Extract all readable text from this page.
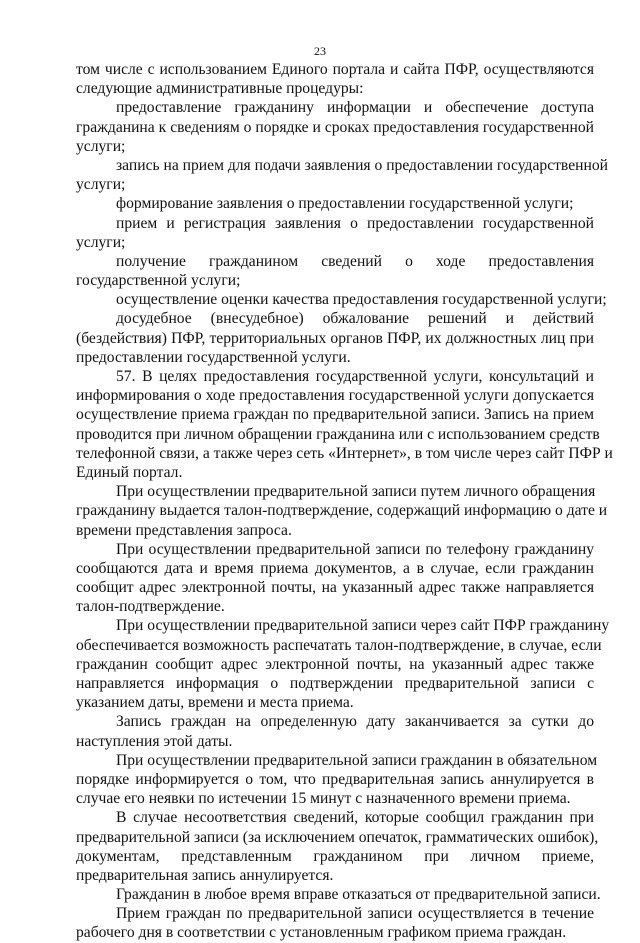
23
том числе с использованием Единого портала и сайта ПФР, осуществляются
следующие административные процедуры:
предоставление гражданину информации и обеспечение доступа
гражданина к сведениям о порядке и сроках предоставления государственной
услуги;
запись на прием для подачи заявления о предоставлении государственной
услуги;
формирование заявления о предоставлении государственной услуги;
прием и регистрация заявления о предоставлении государственной
услуги;
получение гражданином сведений о ходе предоставления
государственной услуги;
осуществление оценки качества предоставления государственной услуги;
досудебное (внесудебное) обжалование решений и действий
(бездействия) ПФР, территориальных органов ПФР, их должностных лиц при
предоставлении государственной услуги.
57. В целях предоставления государственной услуги, консультаций и
информирования о ходе предоставления государственной услуги допускается
осуществление приема граждан по предварительной записи. Запись на прием
проводится при личном обращении гражданина или с использованием средств
телефонной связи, а также через сеть «Интернет», в том числе через сайт ПФР и
Единый портал.
При осуществлении предварительной записи путем личного обращения
гражданину выдается талон-подтверждение, содержащий информацию о дате и
времени представления запроса.
При осуществлении предварительной записи по телефону гражданину
сообщаются дата и время приема документов, а в случае, если гражданин
сообщит адрес электронной почты, на указанный адрес также направляется
талон-подтверждение.
При осуществлении предварительной записи через сайт ПФР гражданину
обеспечивается возможность распечатать талон-подтверждение, в случае, если
гражданин сообщит адрес электронной почты, на указанный адрес также
направляется информация о подтверждении предварительной записи с
указанием даты, времени и места приема.
Запись граждан на определенную дату заканчивается за сутки до
наступления этой даты.
При осуществлении предварительной записи гражданин в обязательном
порядке информируется о том, что предварительная запись аннулируется в
случае его неявки по истечении 15 минут с назначенного времени приема.
В случае несоответствия сведений, которые сообщил гражданин при
предварительной записи (за исключением опечаток, грамматических ошибок),
документам, представленным гражданином при личном приеме,
предварительная запись аннулируется.
Гражданин в любое время вправе отказаться от предварительной записи.
Прием граждан по предварительной записи осуществляется в течение
рабочего дня в соответствии с установленным графиком приема граждан.
